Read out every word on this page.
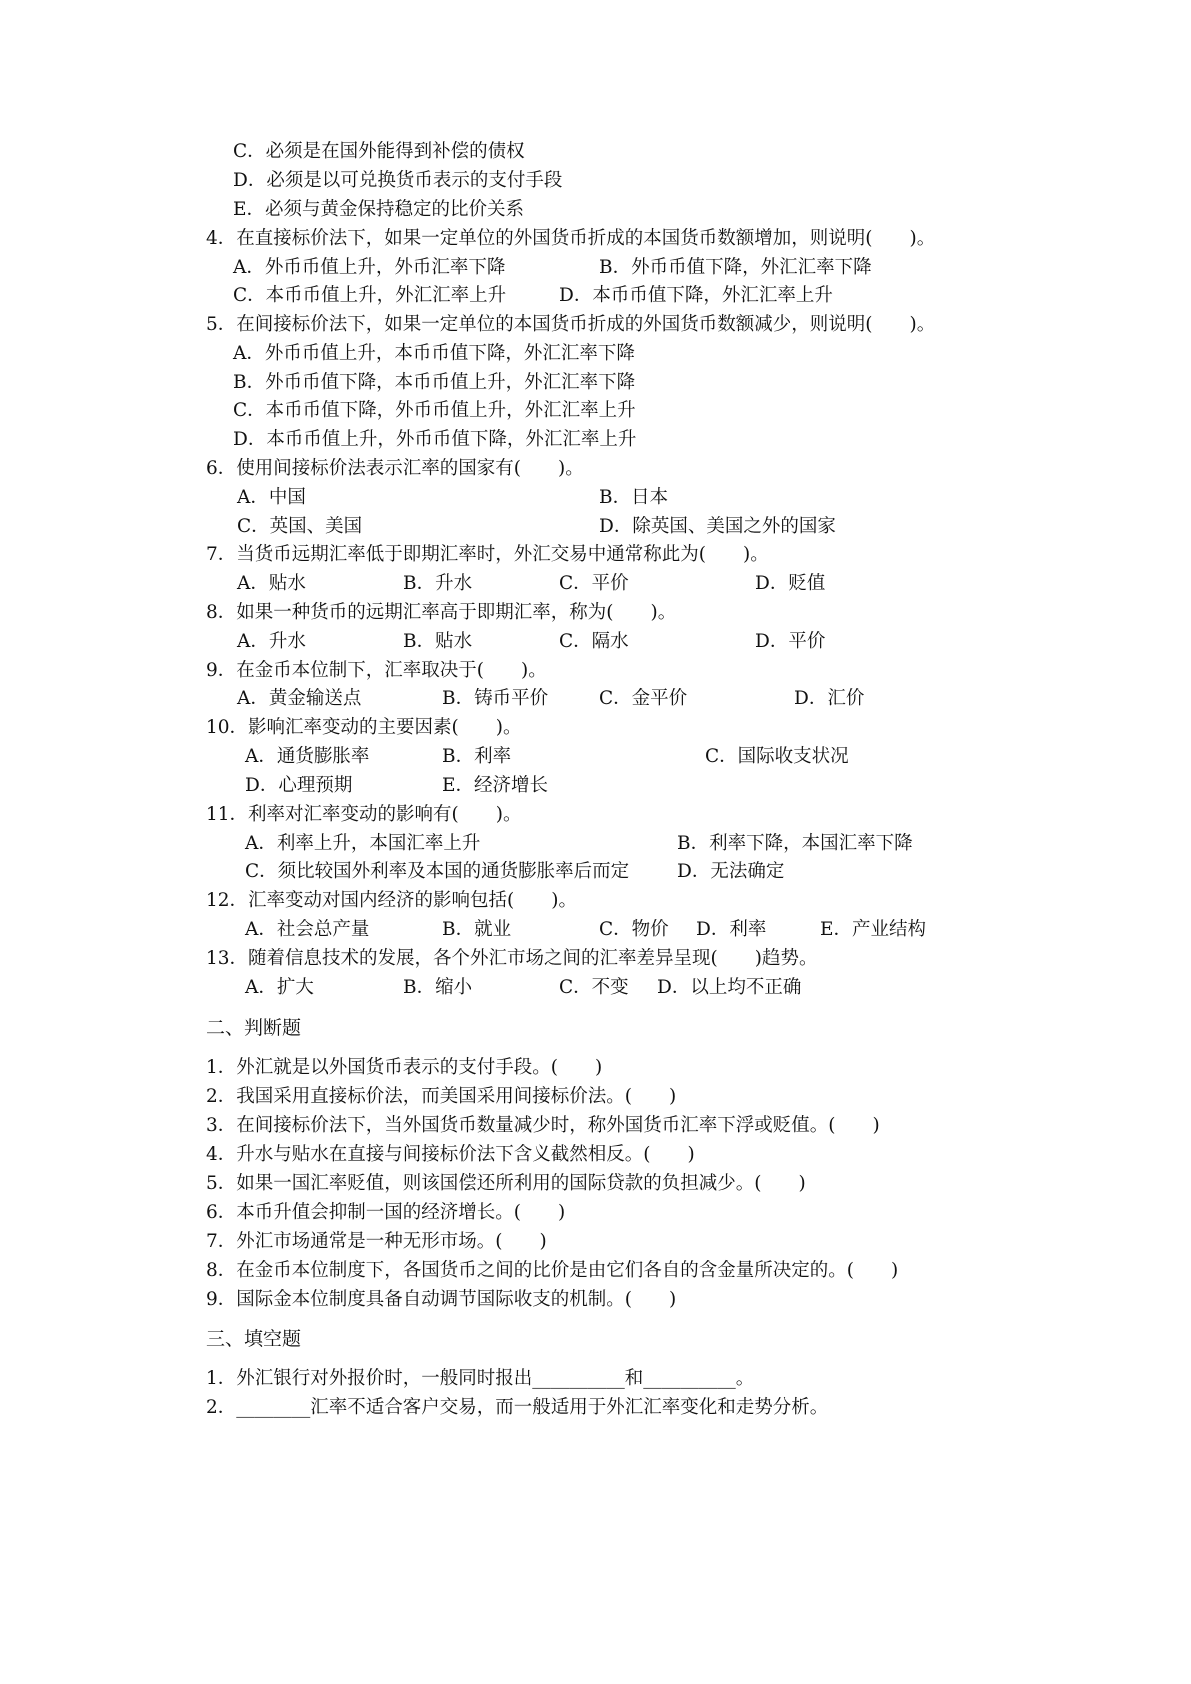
C．必须是在国外能得到补偿的债权
D．必须是以可兑换货币表示的支付手段
E．必须与黄金保持稳定的比价关系
4．在直接标价法下，如果一定单位的外国货币折成的本国货币数额增加，则说明(　　)。
A．外币币值上升，外币汇率下降	B．外币币值下降，外汇汇率下降
C．本币币值上升，外汇汇率上升	D．本币币值下降，外汇汇率上升
5．在间接标价法下，如果一定单位的本国货币折成的外国货币数额减少，则说明(　　)。
A．外币币值上升，本币币值下降，外汇汇率下降
B．外币币值下降，本币币值上升，外汇汇率下降
C．本币币值下降，外币币值上升，外汇汇率上升
D．本币币值上升，外币币值下降，外汇汇率上升
6．使用间接标价法表示汇率的国家有(　　)。
A．中国	B．日本
C．英国、美国	D．除英国、美国之外的国家
7．当货币远期汇率低于即期汇率时，外汇交易中通常称此为(　　)。
A．贴水	B．升水	C．平价	D．贬值
8．如果一种货币的远期汇率高于即期汇率，称为(　　)。
A．升水	B．贴水	C．隔水	D．平价
9．在金币本位制下，汇率取决于(　　)。
A．黄金输送点	B．铸币平价	C．金平价	D．汇价
10．影响汇率变动的主要因素(　　)。
A．通货膨胀率	B．利率	C．国际收支状况
D．心理预期	E．经济增长
11．利率对汇率变动的影响有(　　)。
A．利率上升，本国汇率上升	B．利率下降，本国汇率下降
C．须比较国外利率及本国的通货膨胀率后而定	D．无法确定
12．汇率变动对国内经济的影响包括(　　)。
A．社会总产量	B．就业	C．物价 D．利率	E．产业结构
13．随着信息技术的发展，各个外汇市场之间的汇率差异呈现(　　)趋势。
A．扩大	B．缩小	C．不变 D．以上均不正确
二、判断题
1．外汇就是以外国货币表示的支付手段。(　　)
2．我国采用直接标价法，而美国采用间接标价法。(　　)
3．在间接标价法下，当外国货币数量减少时，称外国货币汇率下浮或贬值。(　　)
4．升水与贴水在直接与间接标价法下含义截然相反。(　　)
5．如果一国汇率贬值，则该国偿还所利用的国际贷款的负担减少。(　　)
6．本币升值会抑制一国的经济增长。(　　)
7．外汇市场通常是一种无形市场。(　　)
8．在金币本位制度下，各国货币之间的比价是由它们各自的含金量所决定的。(　　)
9．国际金本位制度具备自动调节国际收支的机制。(　　)
三、填空题
1．外汇银行对外报价时，一般同时报出__________和__________。
2．________汇率不适合客户交易，而一般适用于外汇汇率变化和走势分析。
